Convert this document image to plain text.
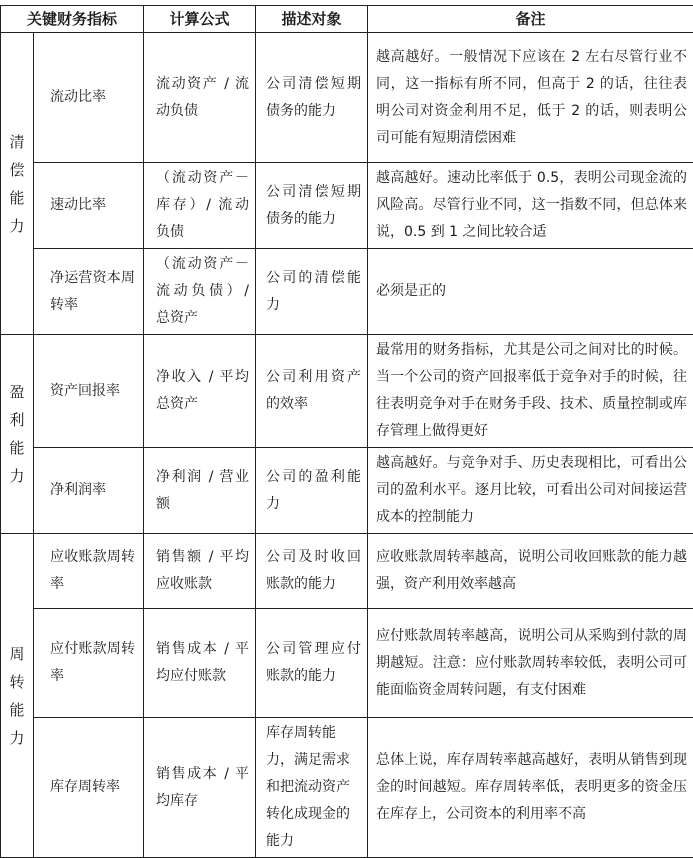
关键财务指标		计算公式	描述对象	备注

清
偿
能
力	流动比率	流动资产 / 流动负债	公司清偿短期债务的能力	越高越好。一般情况下应该在 2 左右尽管行业不同，这一指标有所不同，但高于 2 的话，往往表明公司对资金利用不足，低于 2 的话，则表明公司可能有短期清偿困难
	速动比率	（流动资产－库存）/ 流动负债	公司清偿短期债务的能力	越高越好。速动比率低于 0.5，表明公司现金流的风险高。尽管行业不同，这一指数不同，但总体来说，0.5 到 1 之间比较合适
	净运营资本周转率	（流动资产－流动负债）/ 总资产	公司的清偿能力	必须是正的

盈
利
能
力	资产回报率	净收入 / 平均总资产	公司利用资产的效率	最常用的财务指标，尤其是公司之间对比的时候。当一个公司的资产回报率低于竞争对手的时候，往往表明竞争对手在财务手段、技术、质量控制或库存管理上做得更好
	净利润率	净利润 / 营业额	公司的盈利能力	越高越好。与竞争对手、历史表现相比，可看出公司的盈利水平。逐月比较，可看出公司对间接运营成本的控制能力

周
转
能
力	应收账款周转率	销售额 / 平均应收账款	公司及时收回账款的能力	应收账款周转率越高，说明公司收回账款的能力越强，资产利用效率越高
	应付账款周转率	销售成本 / 平均应付账款	公司管理应付账款的能力	应付账款周转率越高，说明公司从采购到付款的周期越短。注意：应付账款周转率较低，表明公司可能面临资金周转问题，有支付困难
	库存周转率	销售成本 / 平均库存	库存周转能力，满足需求和把流动资产转化成现金的能力	总体上说，库存周转率越高越好，表明从销售到现金的时间越短。库存周转率低，表明更多的资金压在库存上，公司资本的利用率不高
